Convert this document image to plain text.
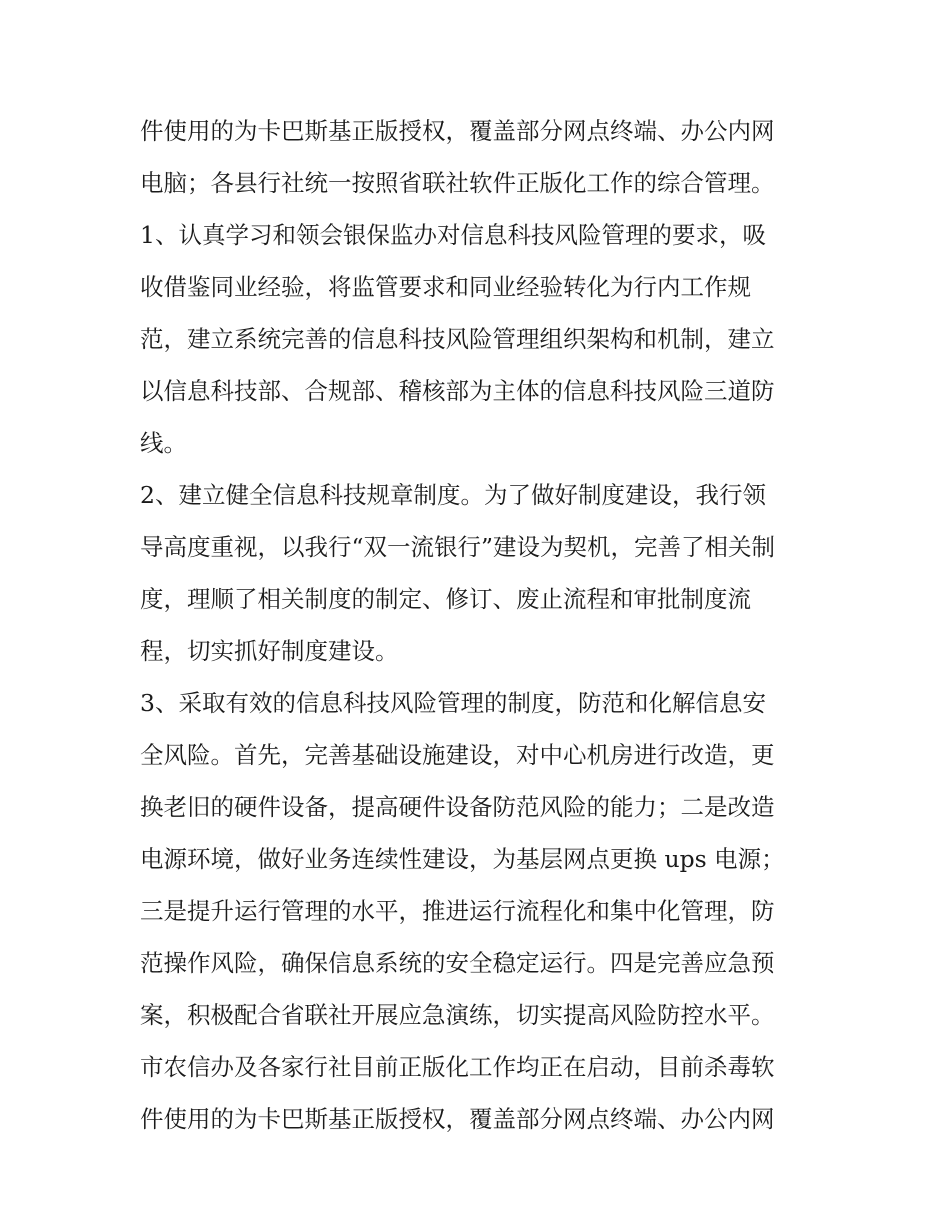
件使用的为卡巴斯基正版授权，覆盖部分网点终端、办公内网
电脑；各县行社统一按照省联社软件正版化工作的综合管理。
1、认真学习和领会银保监办对信息科技风险管理的要求，吸
收借鉴同业经验，将监管要求和同业经验转化为行内工作规
范，建立系统完善的信息科技风险管理组织架构和机制，建立
以信息科技部、合规部、稽核部为主体的信息科技风险三道防
线。
2、建立健全信息科技规章制度。为了做好制度建设，我行领
导高度重视，以我行“双一流银行”建设为契机，完善了相关制
度，理顺了相关制度的制定、修订、废止流程和审批制度流
程，切实抓好制度建设。
3、采取有效的信息科技风险管理的制度，防范和化解信息安
全风险。首先，完善基础设施建设，对中心机房进行改造，更
换老旧的硬件设备，提高硬件设备防范风险的能力；二是改造
电源环境，做好业务连续性建设，为基层网点更换 ups 电源；
三是提升运行管理的水平，推进运行流程化和集中化管理，防
范操作风险，确保信息系统的安全稳定运行。四是完善应急预
案，积极配合省联社开展应急演练，切实提高风险防控水平。
市农信办及各家行社目前正版化工作均正在启动，目前杀毒软
件使用的为卡巴斯基正版授权，覆盖部分网点终端、办公内网
